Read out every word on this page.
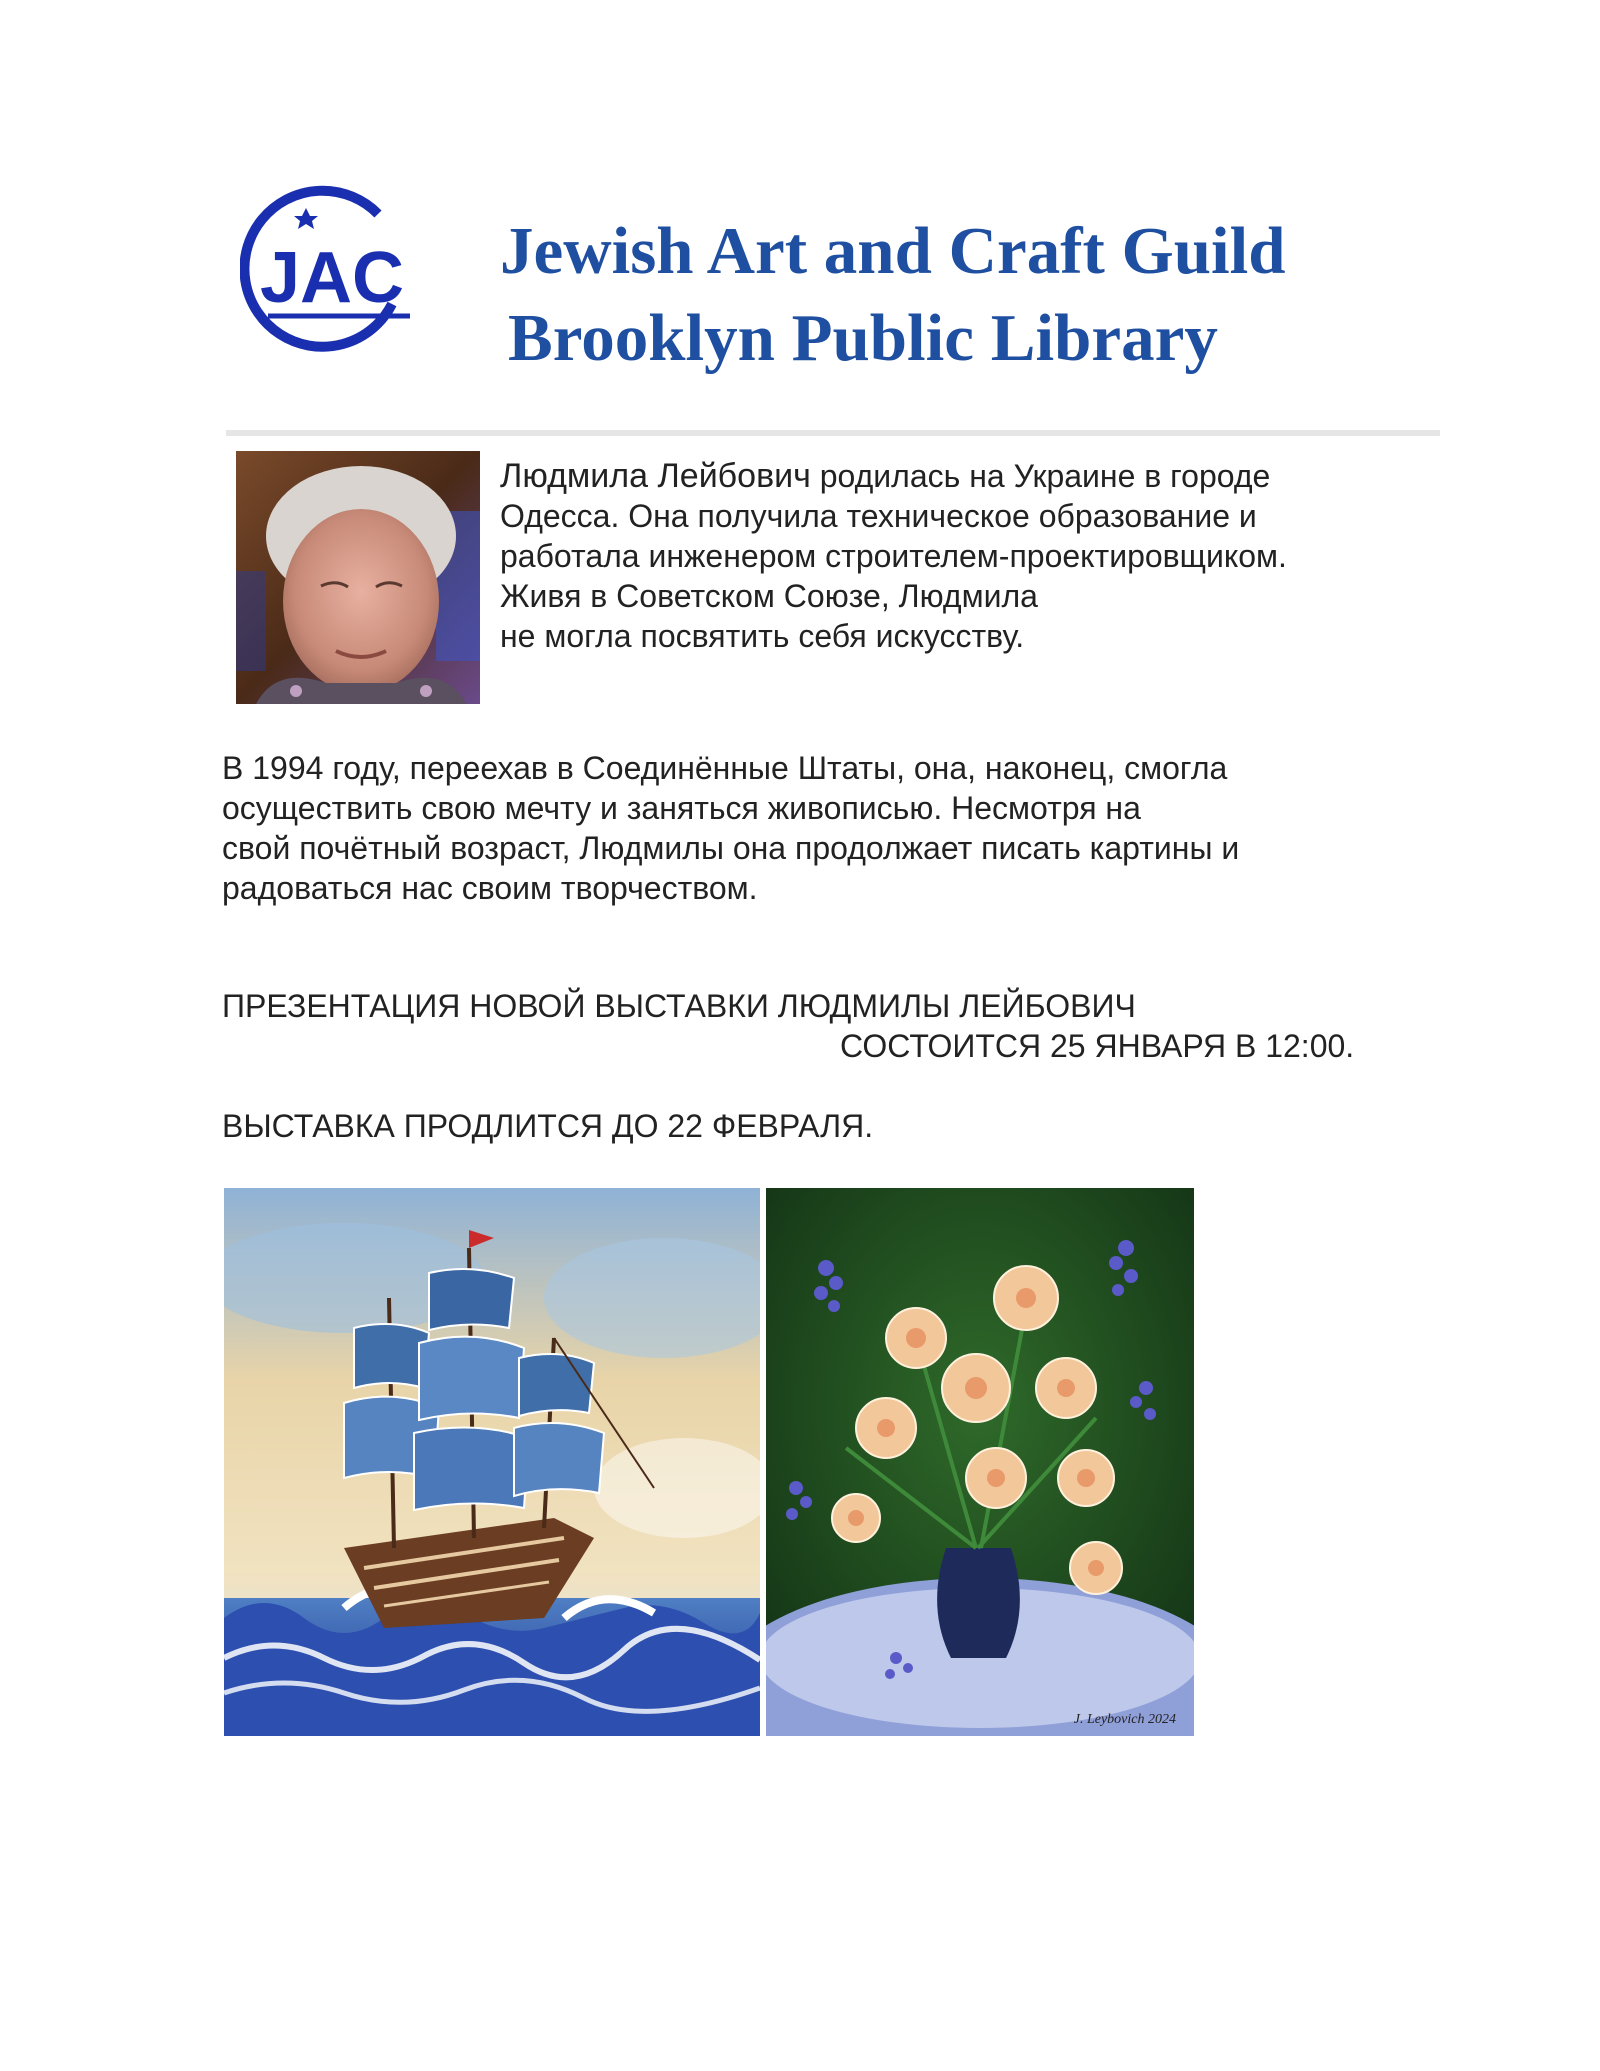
JAC Jewish Art and Craft Guild
Brooklyn Public Library
Людмила Лейбович родилась на Украине в городе
Одесса. Она получила техническое образование и
работала инженером строителем-проектировщиком.
Живя в Советском Союзе, Людмила
не могла посвятить себя искусству.
В 1994 году, переехав в Соединённые Штаты, она, наконец, смогла
осуществить свою мечту и заняться живописью. Несмотря на
свой почётный возраст, Людмилы она продолжает писать картины и
радоваться нас своим творчеством.
ПРЕЗЕНТАЦИЯ НОВОЙ ВЫСТАВКИ ЛЮДМИЛЫ ЛЕЙБОВИЧ
СОСТОИТСЯ 25 ЯНВАРЯ В 12:00.
ВЫСТАВКА ПРОДЛИТСЯ ДО 22 ФЕВРАЛЯ.
J. Leybovich 2024
